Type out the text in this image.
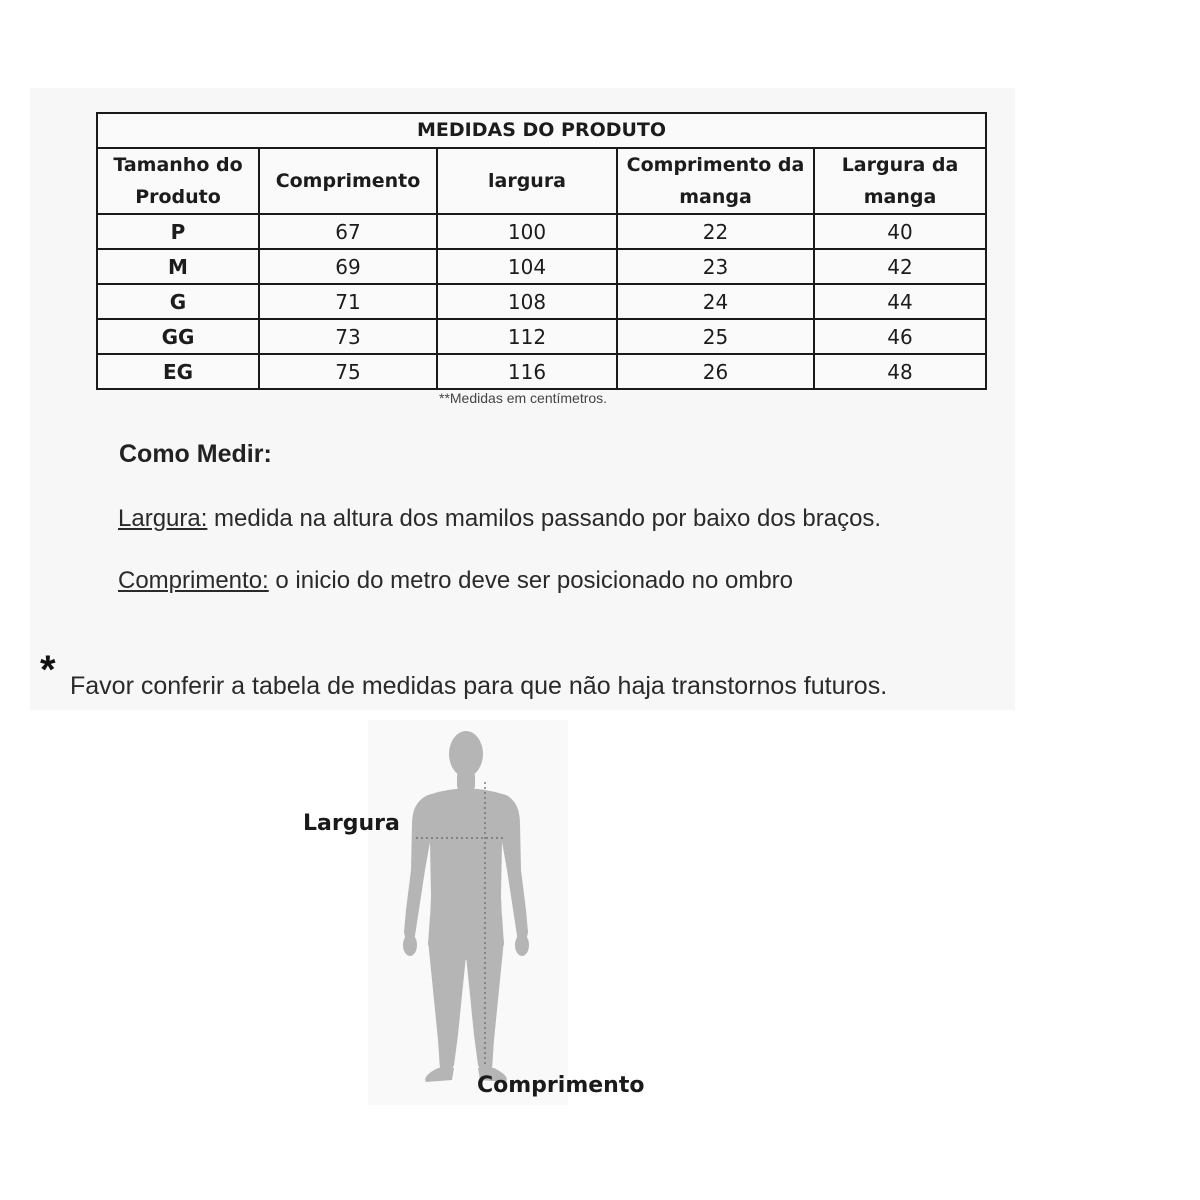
MEDIDAS DO PRODUTO				
Tamanho do Produto	Comprimento	largura	Comprimento da manga	Largura da manga
P	67	100	22	40
M	69	104	23	42
G	71	108	24	44
GG	73	112	25	46
EG	75	116	26	48
**Medidas em centímetros.
Como Medir:
Largura: medida na altura dos mamilos passando por baixo dos braços.
Comprimento: o inicio do metro deve ser posicionado no ombro
* Favor conferir a tabela de medidas para que não haja transtornos futuros.
Largura
Comprimento
